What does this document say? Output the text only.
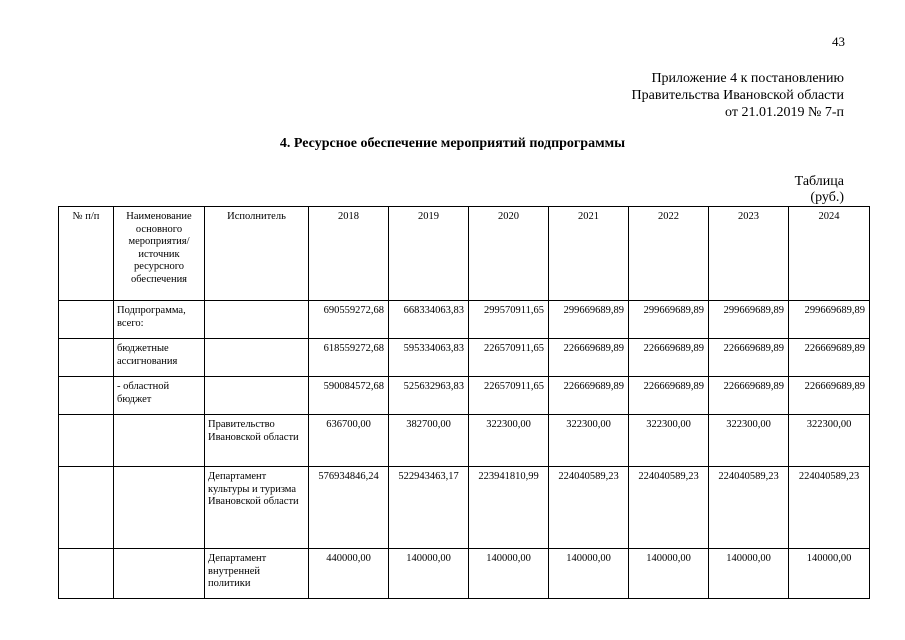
43
Приложение 4 к постановлению
Правительства Ивановской области
от 21.01.2019 № 7-п
4. Ресурсное обеспечение мероприятий подпрограммы
Таблица
(руб.)
№ п/п	Наименование основного мероприятия/ источник ресурсного обеспечения	Исполнитель	2018	2019	2020	2021	2022	2023	2024
	Подпрограмма, всего:		690559272,68	668334063,83	299570911,65	299669689,89	299669689,89	299669689,89	299669689,89
	бюджетные ассигнования		618559272,68	595334063,83	226570911,65	226669689,89	226669689,89	226669689,89	226669689,89
	- областной бюджет		590084572,68	525632963,83	226570911,65	226669689,89	226669689,89	226669689,89	226669689,89
		Правительство Ивановской области	636700,00	382700,00	322300,00	322300,00	322300,00	322300,00	322300,00
		Департамент культуры и туризма Ивановской области	576934846,24	522943463,17	223941810,99	224040589,23	224040589,23	224040589,23	224040589,23
		Департамент внутренней политики	440000,00	140000,00	140000,00	140000,00	140000,00	140000,00	140000,00
